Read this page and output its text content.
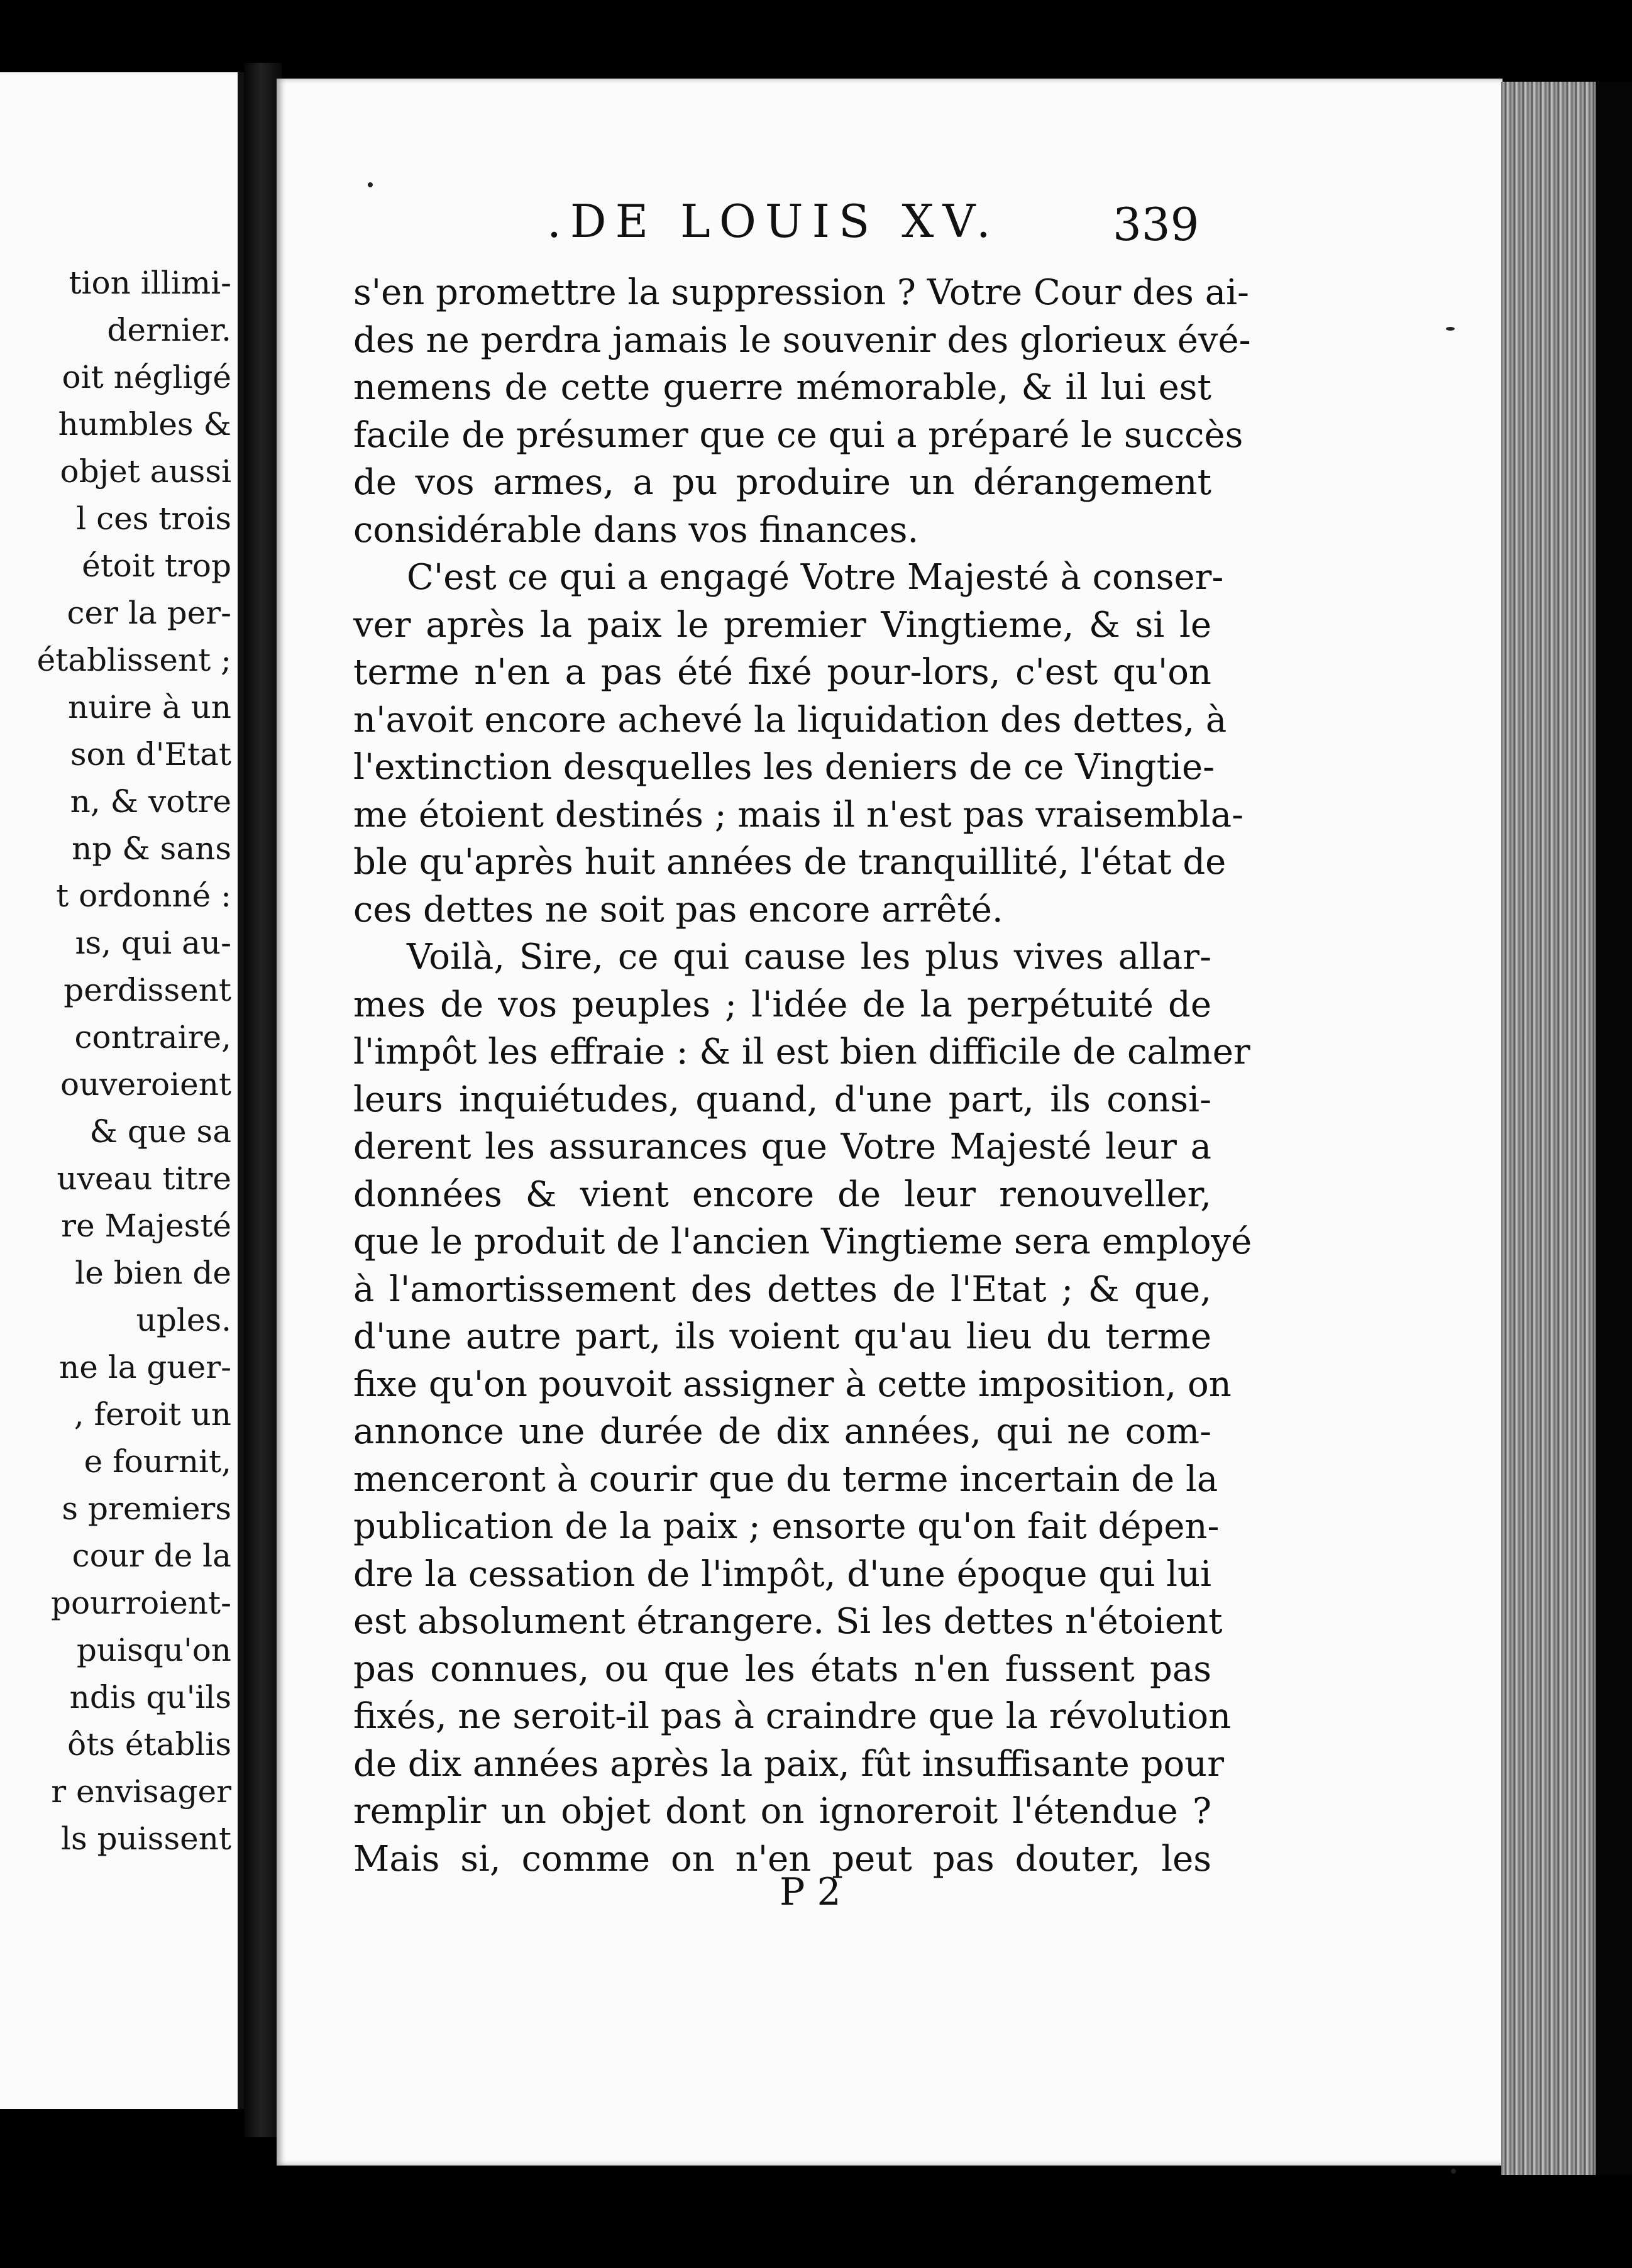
tion illimi-
dernier.
oit négligé
humbles &
objet aussi
l ces trois
étoit trop
cer la per-
établissent ;
nuire à un
son d'Etat
n, & votre
np & sans
t ordonné :
ıs, qui au-
perdissent
contraire,
ouveroient
& que sa
uveau titre
re Majesté
le bien de
uples.
ne la guer-
, feroit un
e fournit,
s premiers
cour de la
pourroient-
puisqu'on
ndis qu'ils
ôts établis
r envisager
ls puissent
.DE LOUIS XV.	339
s'en promettre la suppression ? Votre Cour des ai-
des ne perdra jamais le souvenir des glorieux évé-
nemens de cette guerre mémorable, & il lui est
facile de présumer que ce qui a préparé le succès
de vos armes, a pu produire un dérangement
considérable dans vos finances.
C'est ce qui a engagé Votre Majesté à conser-
ver après la paix le premier Vingtieme, & si le
terme n'en a pas été fixé pour-lors, c'est qu'on
n'avoit encore achevé la liquidation des dettes, à
l'extinction desquelles les deniers de ce Vingtie-
me étoient destinés ; mais il n'est pas vraisembla-
ble qu'après huit années de tranquillité, l'état de
ces dettes ne soit pas encore arrêté.
Voilà, Sire, ce qui cause les plus vives allar-
mes de vos peuples ; l'idée de la perpétuité de
l'impôt les effraie : & il est bien difficile de calmer
leurs inquiétudes, quand, d'une part, ils consi-
derent les assurances que Votre Majesté leur a
données & vient encore de leur renouveller,
que le produit de l'ancien Vingtieme sera employé
à l'amortissement des dettes de l'Etat ; & que,
d'une autre part, ils voient qu'au lieu du terme
fixe qu'on pouvoit assigner à cette imposition, on
annonce une durée de dix années, qui ne com-
menceront à courir que du terme incertain de la
publication de la paix ; ensorte qu'on fait dépen-
dre la cessation de l'impôt, d'une époque qui lui
est absolument étrangere. Si les dettes n'étoient
pas connues, ou que les états n'en fussent pas
fixés, ne seroit-il pas à craindre que la révolution
de dix années après la paix, fût insuffisante pour
remplir un objet dont on ignoreroit l'étendue ?
Mais si, comme on n'en peut pas douter, les
P 2
